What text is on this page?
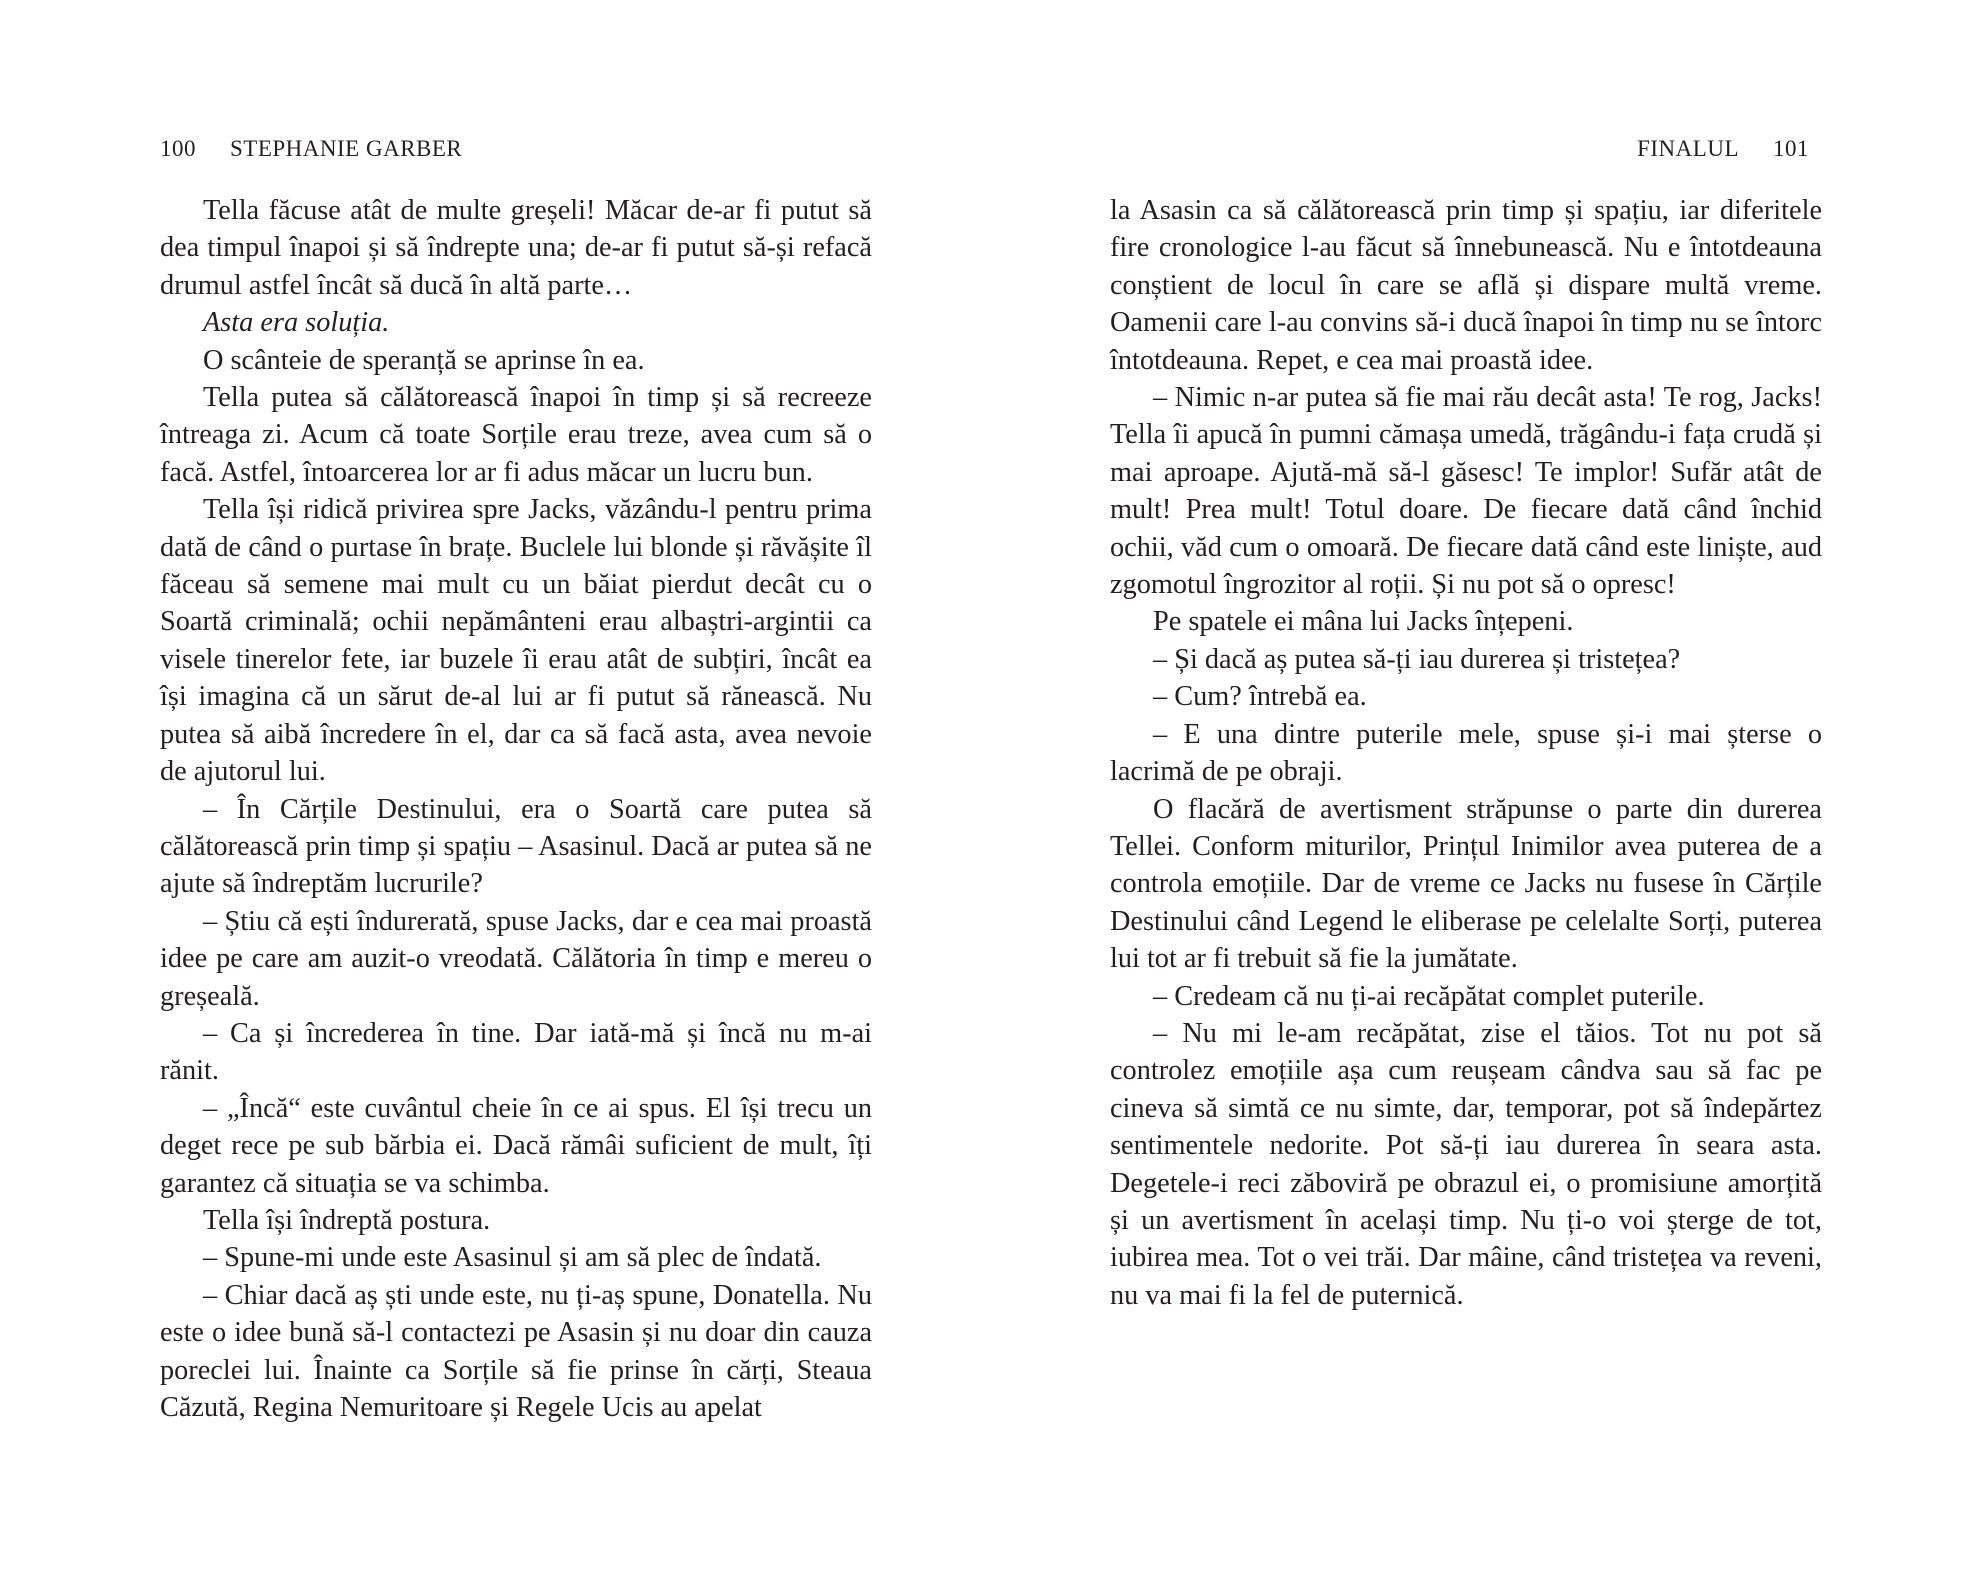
100 STEPHANIE GARBER

Tella făcuse atât de multe greșeli! Măcar de-ar fi putut să dea timpul înapoi și să îndrepte una; de-ar fi putut să-și refacă drumul astfel încât să ducă în altă parte…

Asta era soluția.

O scânteie de speranță se aprinse în ea.

Tella putea să călătorească înapoi în timp și să recreeze întreaga zi. Acum că toate Sorțile erau treze, avea cum să o facă. Astfel, întoarcerea lor ar fi adus măcar un lucru bun.

Tella își ridică privirea spre Jacks, văzându-l pentru prima dată de când o purtase în brațe. Buclele lui blonde și răvășite îl făceau să semene mai mult cu un băiat pierdut decât cu o Soartă criminală; ochii nepământeni erau albaștri-argintii ca visele tinerelor fete, iar buzele îi erau atât de subțiri, încât ea își imagina că un sărut de-al lui ar fi putut să rănească. Nu putea să aibă încredere în el, dar ca să facă asta, avea nevoie de ajutorul lui.

– În Cărțile Destinului, era o Soartă care putea să călătorească prin timp și spațiu – Asasinul. Dacă ar putea să ne ajute să îndreptăm lucrurile?

– Știu că ești îndurerată, spuse Jacks, dar e cea mai proastă idee pe care am auzit-o vreodată. Călătoria în timp e mereu o greșeală.

– Ca și încrederea în tine. Dar iată-mă și încă nu m-ai rănit.

– „Încă“ este cuvântul cheie în ce ai spus. El își trecu un deget rece pe sub bărbia ei. Dacă rămâi suficient de mult, îți garantez că situația se va schimba.

Tella își îndreptă postura.

– Spune-mi unde este Asasinul și am să plec de îndată.

– Chiar dacă aș ști unde este, nu ți-aș spune, Donatella. Nu este o idee bună să-l contactezi pe Asasin și nu doar din cauza poreclei lui. Înainte ca Sorțile să fie prinse în cărți, Steaua Căzută, Regina Nemuritoare și Regele Ucis au apelat

FINALUL 101

la Asasin ca să călătorească prin timp și spațiu, iar diferitele fire cronologice l-au făcut să înnebunească. Nu e întotdeauna conștient de locul în care se află și dispare multă vreme. Oamenii care l-au convins să-i ducă înapoi în timp nu se întorc întotdeauna. Repet, e cea mai proastă idee.

– Nimic n-ar putea să fie mai rău decât asta! Te rog, Jacks! Tella îi apucă în pumni cămașa umedă, trăgându-i fața crudă și mai aproape. Ajută-mă să-l găsesc! Te implor! Sufăr atât de mult! Prea mult! Totul doare. De fiecare dată când închid ochii, văd cum o omoară. De fiecare dată când este liniște, aud zgomotul îngrozitor al roții. Și nu pot să o opresc!

Pe spatele ei mâna lui Jacks înțepeni.

– Și dacă aș putea să-ți iau durerea și tristețea?

– Cum? întrebă ea.

– E una dintre puterile mele, spuse și-i mai șterse o lacrimă de pe obraji.

O flacără de avertisment străpunse o parte din durerea Tellei. Conform miturilor, Prințul Inimilor avea puterea de a controla emoțiile. Dar de vreme ce Jacks nu fusese în Cărțile Destinului când Legend le eliberase pe celelalte Sorți, puterea lui tot ar fi trebuit să fie la jumătate.

– Credeam că nu ți-ai recăpătat complet puterile.

– Nu mi le-am recăpătat, zise el tăios. Tot nu pot să controlez emoțiile așa cum reușeam cândva sau să fac pe cineva să simtă ce nu simte, dar, temporar, pot să îndepărtez sentimentele nedorite. Pot să-ți iau durerea în seara asta. Degetele-i reci zăboviră pe obrazul ei, o promisiune amorțită și un avertisment în același timp. Nu ți-o voi șterge de tot, iubirea mea. Tot o vei trăi. Dar mâine, când tristețea va reveni, nu va mai fi la fel de puternică.
